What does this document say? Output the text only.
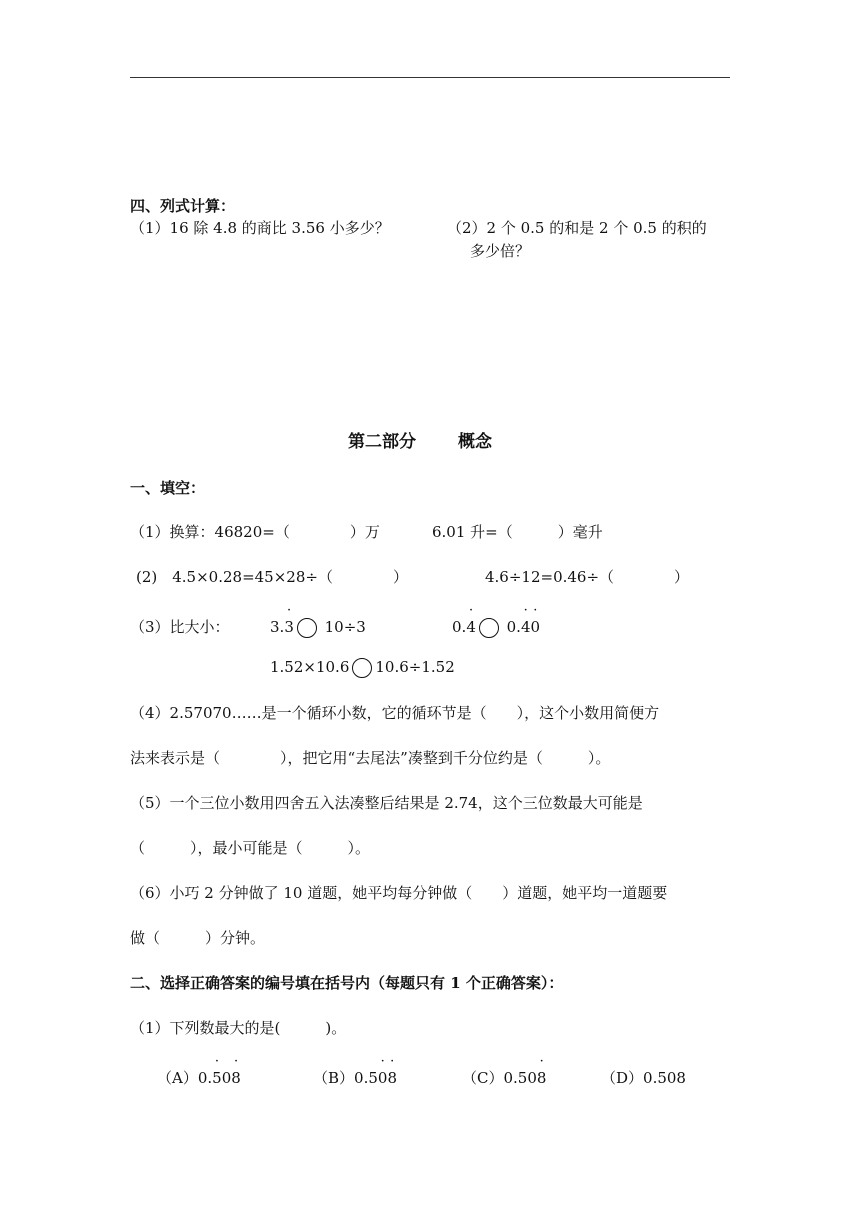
四、列式计算：
（1）16 除 4.8 的商比 3.56 小多少？	（2）2 个 0.5 的和是 2 个 0.5 的积的
多少倍？
第二部分 概念
一、填空：
（1）换算：46820=（　　　　）万	6.01 升=（　　　）毫升
(2)　4.5×0.28=45×28÷（　　　　）	4.6÷12=0.46÷（　　　　）
（3）比大小：	3.· 3 10÷3	0.· 4 0.· 4· 0
1.52×10.6 10.6÷1.52
（4）2.57070……是一个循环小数，它的循环节是（　　），这个小数用简便方
法来表示是（　　　　），把它用“去尾法”凑整到千分位约是（　　　）。
（5）一个三位小数用四舍五入法凑整后结果是 2.74，这个三位数最大可能是
（　　　），最小可能是（　　　）。
（6）小巧 2 分钟做了 10 道题，她平均每分钟做（　　）道题，她平均一道题要
做（　　　）分钟。
二、选择正确答案的编号填在括号内（每题只有 1 个正确答案）：
（1）下列数最大的是(　　　)。
（A）0.· 50· 8	（B）0.5· 0· 8	（C）0.50· 8	（D）0.508
